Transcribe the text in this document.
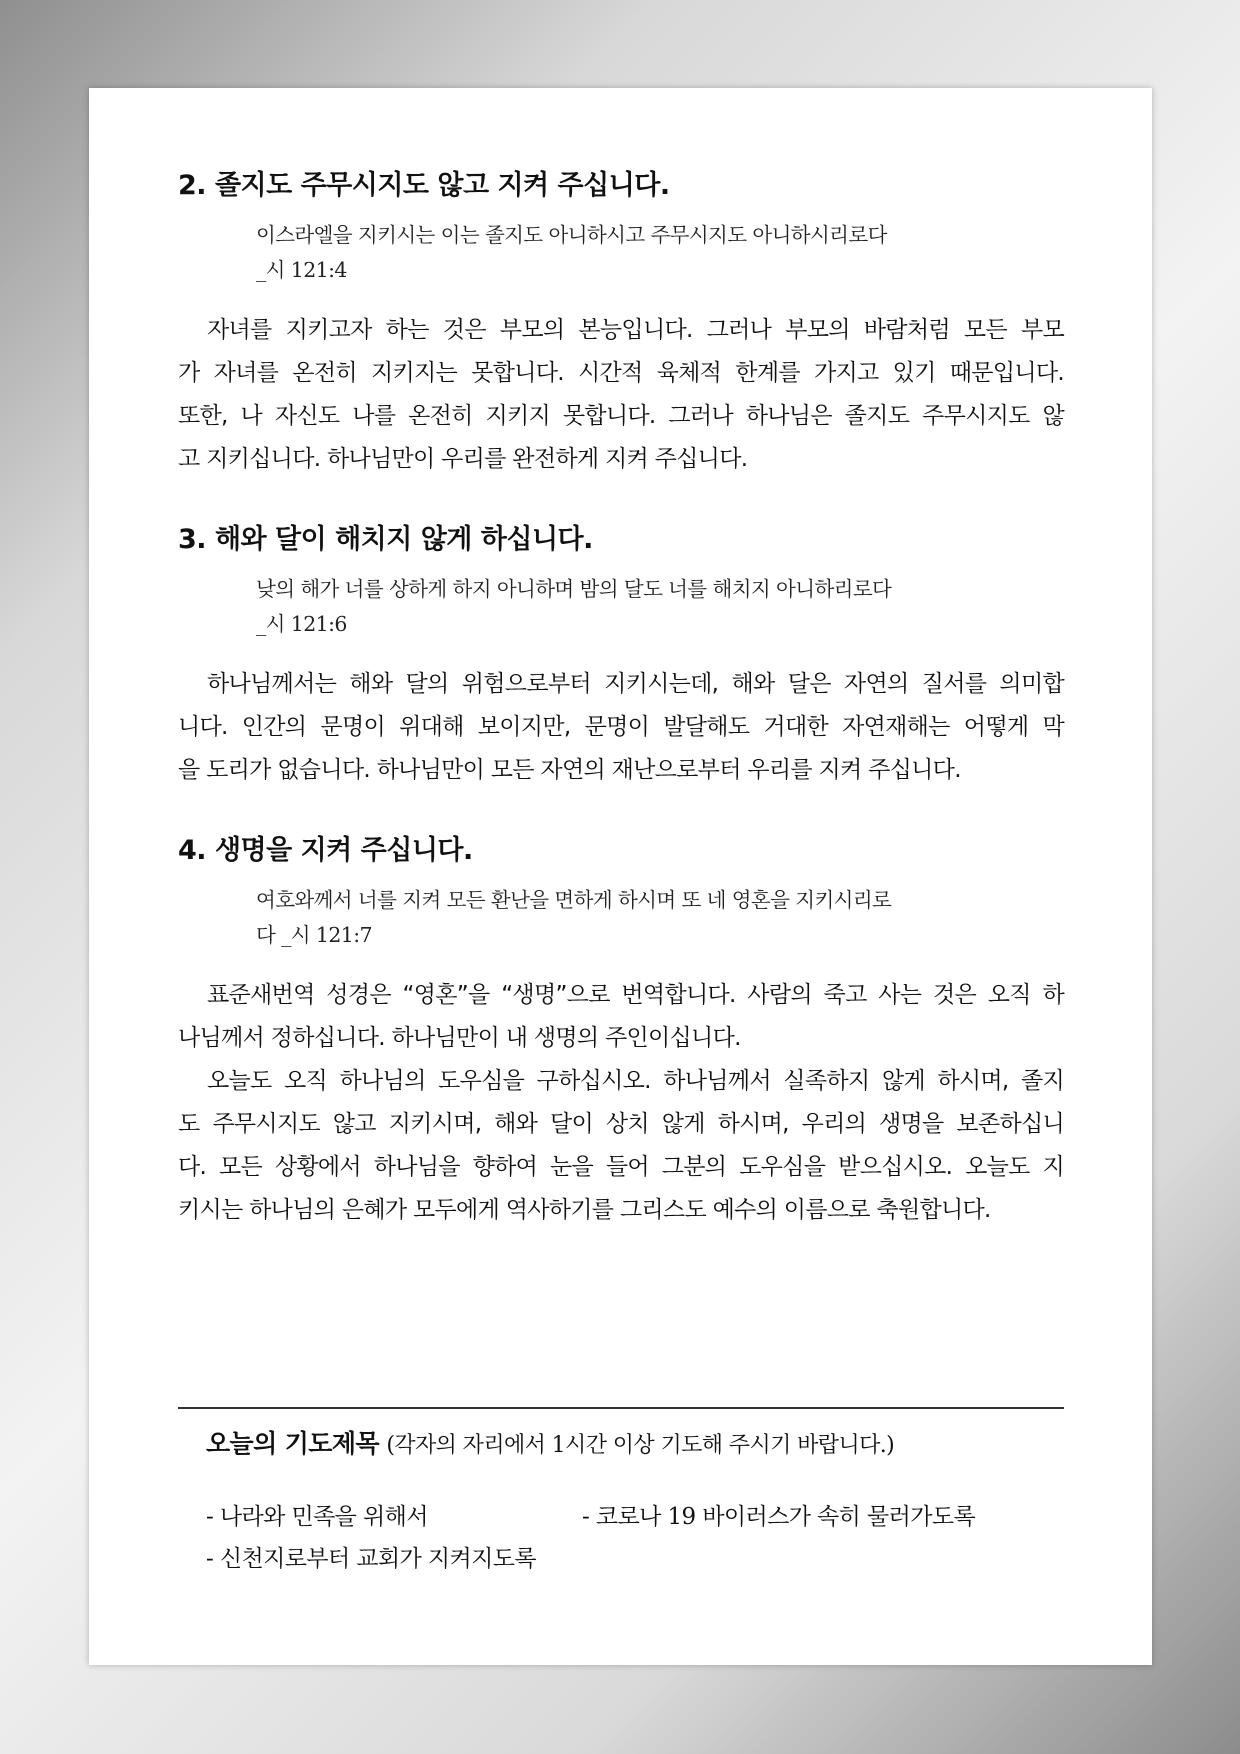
2. 졸지도 주무시지도 않고 지켜 주십니다.
이스라엘을 지키시는 이는 졸지도 아니하시고 주무시지도 아니하시리로다
_시 121:4
자녀를 지키고자 하는 것은 부모의 본능입니다. 그러나 부모의 바람처럼 모든 부모
가 자녀를 온전히 지키지는 못합니다. 시간적 육체적 한계를 가지고 있기 때문입니다.
또한, 나 자신도 나를 온전히 지키지 못합니다. 그러나 하나님은 졸지도 주무시지도 않
고 지키십니다. 하나님만이 우리를 완전하게 지켜 주십니다.
3. 해와 달이 해치지 않게 하십니다.
낮의 해가 너를 상하게 하지 아니하며 밤의 달도 너를 해치지 아니하리로다
_시 121:6
하나님께서는 해와 달의 위험으로부터 지키시는데, 해와 달은 자연의 질서를 의미합
니다. 인간의 문명이 위대해 보이지만, 문명이 발달해도 거대한 자연재해는 어떻게 막
을 도리가 없습니다. 하나님만이 모든 자연의 재난으로부터 우리를 지켜 주십니다.
4. 생명을 지켜 주십니다.
여호와께서 너를 지켜 모든 환난을 면하게 하시며 또 네 영혼을 지키시리로
다 _시 121:7
표준새번역 성경은 “영혼”을 “생명”으로 번역합니다. 사람의 죽고 사는 것은 오직 하
나님께서 정하십니다. 하나님만이 내 생명의 주인이십니다.
오늘도 오직 하나님의 도우심을 구하십시오. 하나님께서 실족하지 않게 하시며, 졸지
도 주무시지도 않고 지키시며, 해와 달이 상치 않게 하시며, 우리의 생명을 보존하십니
다. 모든 상황에서 하나님을 향하여 눈을 들어 그분의 도우심을 받으십시오. 오늘도 지
키시는 하나님의 은혜가 모두에게 역사하기를 그리스도 예수의 이름으로 축원합니다.
오늘의 기도제목 (각자의 자리에서 1시간 이상 기도해 주시기 바랍니다.)
- 나라와 민족을 위해서	- 코로나 19 바이러스가 속히 물러가도록
- 신천지로부터 교회가 지켜지도록
